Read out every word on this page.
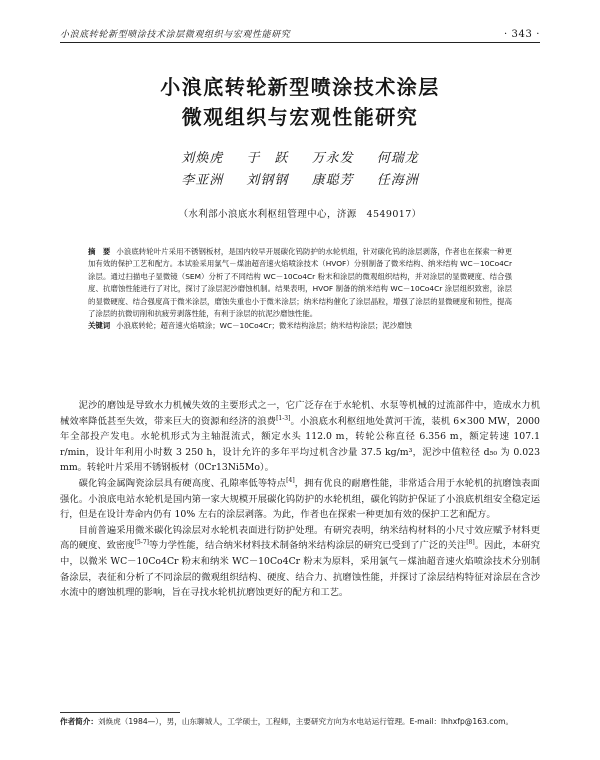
小浪底转轮新型喷涂技术涂层微观组织与宏观性能研究	· 343 ·
小浪底转轮新型喷涂技术涂层
微观组织与宏观性能研究
刘焕虎 于　跃 万永发 何瑞龙
李亚洲 刘钢钢 康聪芳 任海洲
（水利部小浪底水利枢纽管理中心，济源　4549017）

摘　要 小浪底转轮叶片采用不锈钢板材，是国内较早开展碳化钨防护的水轮机组，针对碳化钨的涂层剥落，作者也在探索一种更加有效的保护工艺和配方。本试验采用氯气－煤油超音速火焰喷涂技术（HVOF）分别制备了微米结构、纳米结构 WC－10Co4Cr 涂层。通过扫描电子显微镜（SEM）分析了不同结构 WC－10Co4Cr 粉末和涂层的微观组织结构，并对涂层的显微硬度、结合强度、抗磨蚀性能进行了对比，探讨了涂层泥沙磨蚀机制。结果表明，HVOF 制备的纳米结构 WC－10Co4Cr 涂层组织致密，涂层的显微硬度、结合强度高于微米涂层，磨蚀失重也小于微米涂层；纳米结构催化了涂层晶粒，增强了涂层的显微硬度和韧性，提高了涂层的抗微切削和抗疲劳剥落性能，有利于涂层的抗泥沙磨蚀性能。

关键词 小浪底转轮；超音速火焰喷涂；WC－10Co4Cr；微米结构涂层；纳米结构涂层；泥沙磨蚀

泥沙的磨蚀是导致水力机械失效的主要形式之一，它广泛存在于水轮机、水泵等机械的过流部件中，造成水力机械效率降低甚至失效，带来巨大的资源和经济的浪费[1-3]。小浪底水利枢纽地处黄河干流，装机 6×300 MW，2000 年全部投产发电。水轮机形式为主轴混流式，额定水头 112.0 m，转轮公称直径 6.356 m，额定转速 107.1 r/min，设计年利用小时数 3 250 h，设计允许的多年平均过机含沙量 37.5 kg/m³，泥沙中值粒径 d₅₀ 为 0.023 mm。转轮叶片采用不锈钢板材（0Cr13Ni5Mo）。

碳化钨金属陶瓷涂层具有硬高度、孔隙率低等特点[4]，拥有优良的耐磨性能，非常适合用于水轮机的抗磨蚀表面强化。小浪底电站水轮机是国内第一家大规模开展碳化钨防护的水轮机组，碳化钨防护保证了小浪底机组安全稳定运行，但是在设计寿命内仍有 10% 左右的涂层剥落。为此，作者也在探索一种更加有效的保护工艺和配方。

目前普遍采用微米碳化钨涂层对水轮机表面进行防护处理。有研究表明，纳米结构材料的小尺寸效应赋予材料更高的硬度、致密度[5-7]等力学性能，结合纳米材料技术制备纳米结构涂层的研究已受到了广泛的关注[8]。因此，本研究中，以微米 WC－10Co4Cr 粉末和纳米 WC－10Co4Cr 粉末为原料，采用氯气－煤油超音速火焰喷涂技术分别制备涂层，表征和分析了不同涂层的微观组织结构、硬度、结合力、抗磨蚀性能，并探讨了涂层结构特征对涂层在含沙水流中的磨蚀机理的影响，旨在寻找水轮机抗磨蚀更好的配方和工艺。

作者简介：刘焕虎（1984—），男，山东聊城人，工学硕士，工程师，主要研究方向为水电站运行管理。E-mail：lhhxfp@163.com。
